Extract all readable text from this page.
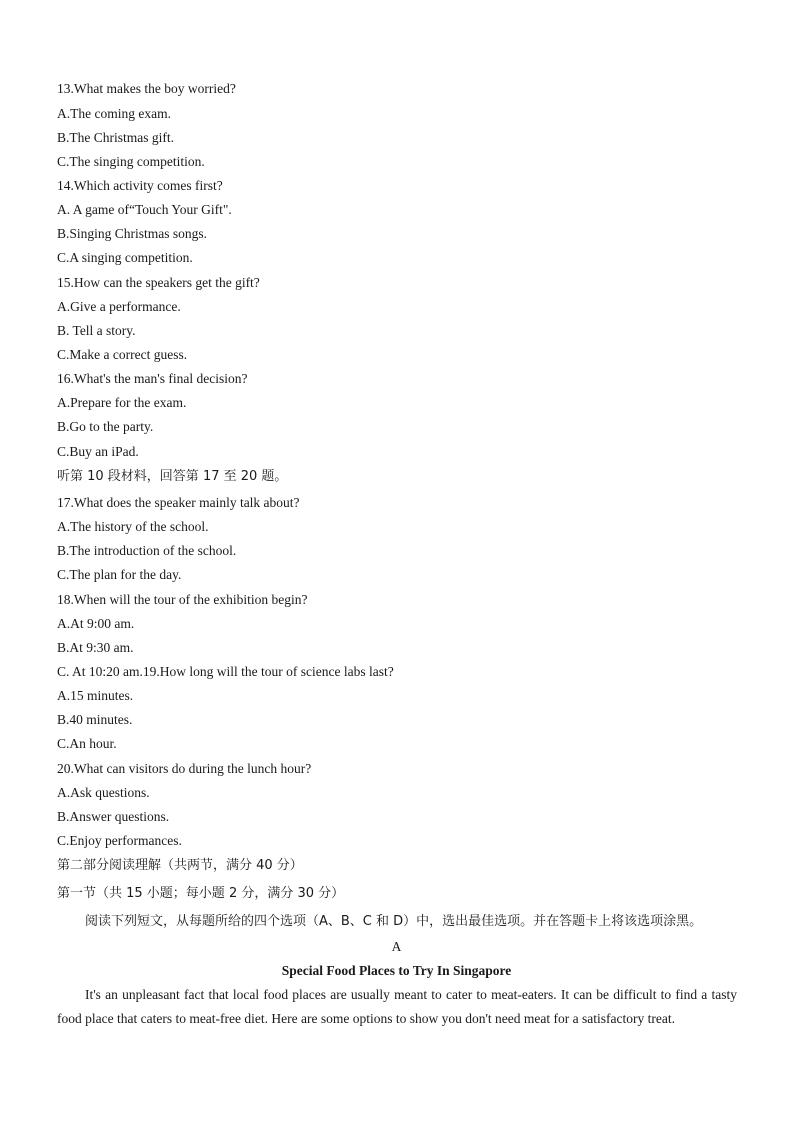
13.What makes the boy worried?
A.The coming exam.
B.The Christmas gift.
C.The singing competition.
14.Which activity comes first?
A. A game of“Touch Your Gift".
B.Singing Christmas songs.
C.A singing competition.
15.How can the speakers get the gift?
A.Give a performance.
B. Tell a story.
C.Make a correct guess.
16.What's the man's final decision?
A.Prepare for the exam.
B.Go to the party.
C.Buy an iPad.
听第 10 段材料，回答第 17 至 20 题。
17.What does the speaker mainly talk about?
A.The history of the school.
B.The introduction of the school.
C.The plan for the day.
18.When will the tour of the exhibition begin?
A.At 9:00 am.
B.At 9:30 am.
C. At 10:20 am.19.How long will the tour of science labs last?
A.15 minutes.
B.40 minutes.
C.An hour.
20.What can visitors do during the lunch hour?
A.Ask questions.
B.Answer questions.
C.Enjoy performances.
第二部分阅读理解（共两节，满分 40 分）
第一节（共 15 小题；每小题 2 分，满分 30 分）
阅读下列短文，从每题所给的四个选项（A、B、C 和 D）中，选出最佳选项。并在答题卡上将该选项涂黑。
A
Special Food Places to Try In Singapore
It's an unpleasant fact that local food places are usually meant to cater to meat-eaters. It can be difficult to find a tasty food place that caters to meat-free diet. Here are some options to show you don't need meat for a satisfactory treat.
